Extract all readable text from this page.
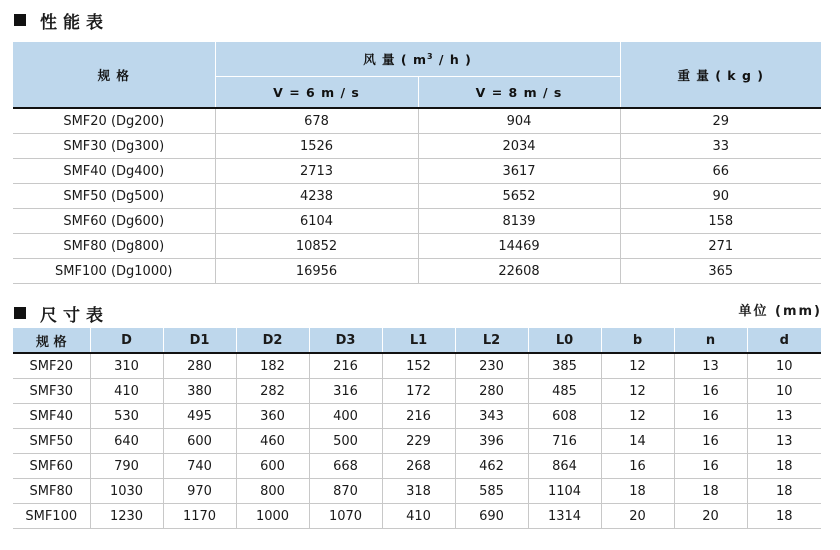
性能表
规 格	风 量 ( $m^3$ / h )		重 量 ( k g )
	V = 6 m / s	V = 8 m / s	
SMF20 (Dg200)	678	904	29
SMF30 (Dg300)	1526	2034	33
SMF40 (Dg400)	2713	3617	66
SMF50 (Dg500)	4238	5652	90
SMF60 (Dg600)	6104	8139	158
SMF80 (Dg800)	10852	14469	271
SMF100 (Dg1000)	16956	22608	365
尺寸表	单位 (mm)
规 格	D	D1	D2	D3	L1	L2	L0	b	n	d
SMF20	310	280	182	216	152	230	385	12	13	10
SMF30	410	380	282	316	172	280	485	12	16	10
SMF40	530	495	360	400	216	343	608	12	16	13
SMF50	640	600	460	500	229	396	716	14	16	13
SMF60	790	740	600	668	268	462	864	16	16	18
SMF80	1030	970	800	870	318	585	1104	18	18	18
SMF100	1230	1170	1000	1070	410	690	1314	20	20	18
